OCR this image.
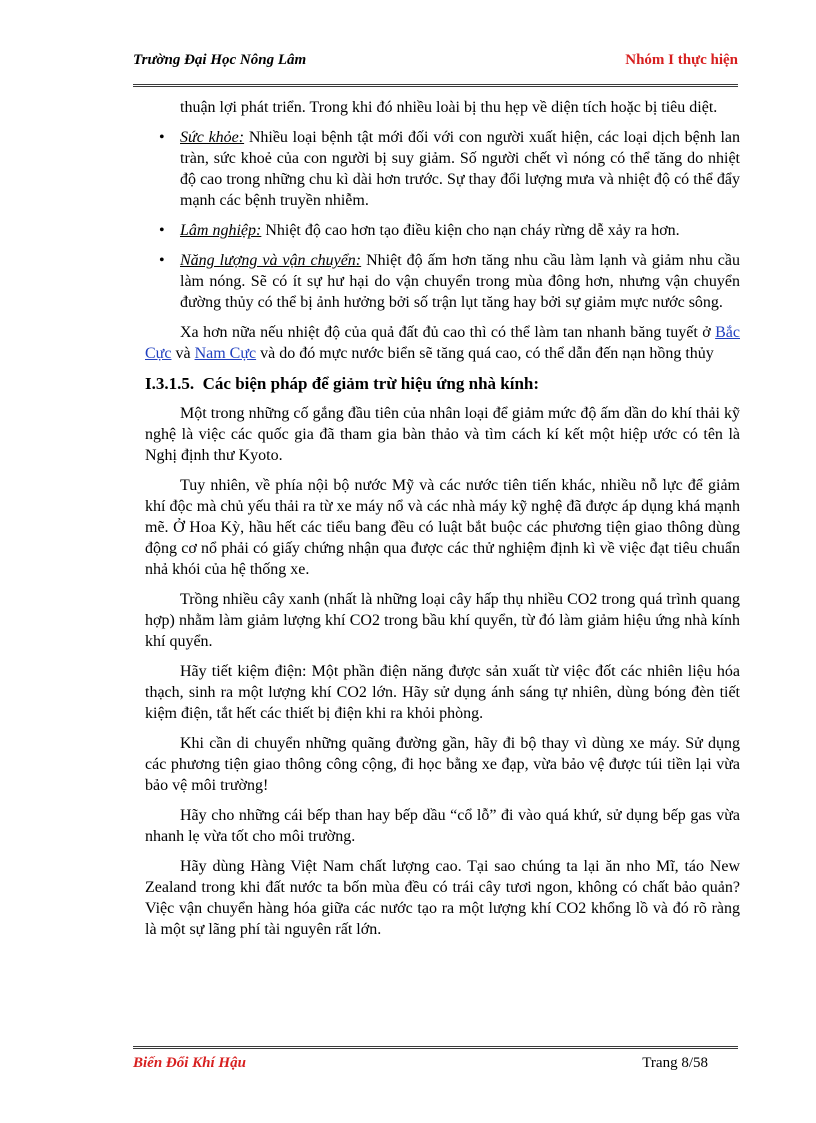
Trường Đại Học Nông Lâm	Nhóm I thực hiện

thuận lợi phát triển. Trong khi đó nhiều loài bị thu hẹp về diện tích hoặc bị tiêu diệt.

• Sức khỏe: Nhiều loại bệnh tật mới đối với con người xuất hiện, các loại dịch bệnh lan tràn, sức khoẻ của con người bị suy giảm. Số người chết vì nóng có thể tăng do nhiệt độ cao trong những chu kì dài hơn trước. Sự thay đổi lượng mưa và nhiệt độ có thể đẩy mạnh các bệnh truyền nhiễm.
• Lâm nghiệp: Nhiệt độ cao hơn tạo điều kiện cho nạn cháy rừng dễ xảy ra hơn.
• Năng lượng và vận chuyển: Nhiệt độ ấm hơn tăng nhu cầu làm lạnh và giảm nhu cầu làm nóng. Sẽ có ít sự hư hại do vận chuyển trong mùa đông hơn, nhưng vận chuyển đường thủy có thể bị ảnh hưởng bởi số trận lụt tăng hay bởi sự giảm mực nước sông.

Xa hơn nữa nếu nhiệt độ của quả đất đủ cao thì có thể làm tan nhanh băng tuyết ở Bắc Cực và Nam Cực và do đó mực nước biển sẽ tăng quá cao, có thể dẫn đến nạn hồng thủy

I.3.1.5. Các biện pháp để giảm trừ hiệu ứng nhà kính:

Một trong những cố gắng đầu tiên của nhân loại để giảm mức độ ấm dần do khí thải kỹ nghệ là việc các quốc gia đã tham gia bàn thảo và tìm cách kí kết một hiệp ước có tên là Nghị định thư Kyoto.

Tuy nhiên, về phía nội bộ nước Mỹ và các nước tiên tiến khác, nhiều nỗ lực để giảm khí độc mà chủ yếu thải ra từ xe máy nổ và các nhà máy kỹ nghệ đã được áp dụng khá mạnh mẽ. Ở Hoa Kỳ, hầu hết các tiểu bang đều có luật bắt buộc các phương tiện giao thông dùng động cơ nổ phải có giấy chứng nhận qua được các thử nghiệm định kì về việc đạt tiêu chuẩn nhả khói của hệ thống xe.

Trồng nhiều cây xanh (nhất là những loại cây hấp thụ nhiều CO2 trong quá trình quang hợp) nhằm làm giảm lượng khí CO2 trong bầu khí quyển, từ đó làm giảm hiệu ứng nhà kính khí quyển.

Hãy tiết kiệm điện: Một phần điện năng được sản xuất từ việc đốt các nhiên liệu hóa thạch, sinh ra một lượng khí CO2 lớn. Hãy sử dụng ánh sáng tự nhiên, dùng bóng đèn tiết kiệm điện, tắt hết các thiết bị điện khi ra khỏi phòng.

Khi cần di chuyển những quãng đường gần, hãy đi bộ thay vì dùng xe máy. Sử dụng các phương tiện giao thông công cộng, đi học bằng xe đạp, vừa bảo vệ được túi tiền lại vừa bảo vệ môi trường!

Hãy cho những cái bếp than hay bếp dầu “cổ lỗ” đi vào quá khứ, sử dụng bếp gas vừa nhanh lẹ vừa tốt cho môi trường.

Hãy dùng Hàng Việt Nam chất lượng cao. Tại sao chúng ta lại ăn nho Mĩ, táo New Zealand trong khi đất nước ta bốn mùa đều có trái cây tươi ngon, không có chất bảo quản? Việc vận chuyển hàng hóa giữa các nước tạo ra một lượng khí CO2 khổng lồ và đó rõ ràng là một sự lãng phí tài nguyên rất lớn.

Biến Đổi Khí Hậu	Trang 8/58
